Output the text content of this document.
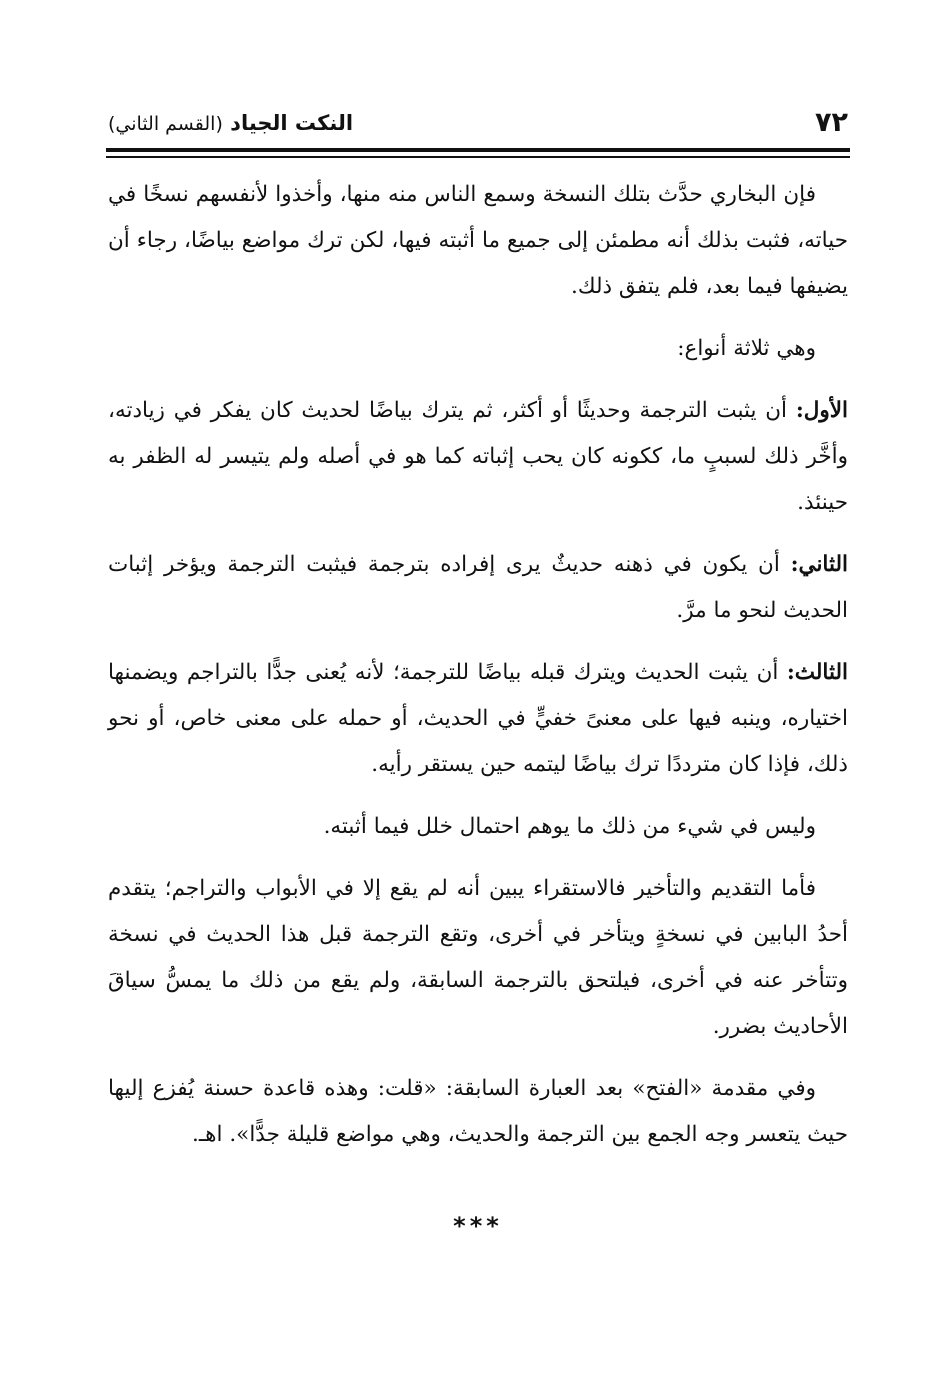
٧٢
النكت الجياد (القسم الثاني)

فإن البخاري حدَّث بتلك النسخة وسمع الناس منه منها، وأخذوا لأنفسهم نسخًا في حياته، فثبت بذلك أنه مطمئن إلى جميع ما أثبته فيها، لكن ترك مواضع بياضًا، رجاء أن يضيفها فيما بعد، فلم يتفق ذلك.

وهي ثلاثة أنواع:

الأول: أن يثبت الترجمة وحديثًا أو أكثر، ثم يترك بياضًا لحديث كان يفكر في زيادته، وأخَّر ذلك لسببٍ ما، ككونه كان يحب إثباته كما هو في أصله ولم يتيسر له الظفر به حينئذ.

الثاني: أن يكون في ذهنه حديثٌ يرى إفراده بترجمة فيثبت الترجمة ويؤخر إثبات الحديث لنحو ما مرَّ.

الثالث: أن يثبت الحديث ويترك قبله بياضًا للترجمة؛ لأنه يُعنى جدًّا بالتراجم ويضمنها اختياره، وينبه فيها على معنىً خفيٍّ في الحديث، أو حمله على معنى خاص، أو نحو ذلك، فإذا كان مترددًا ترك بياضًا ليتمه حين يستقر رأيه.

وليس في شيء من ذلك ما يوهم احتمال خلل فيما أثبته.

فأما التقديم والتأخير فالاستقراء يبين أنه لم يقع إلا في الأبواب والتراجم؛ يتقدم أحدُ البابين في نسخةٍ ويتأخر في أخرى، وتقع الترجمة قبل هذا الحديث في نسخة وتتأخر عنه في أخرى، فيلتحق بالترجمة السابقة، ولم يقع من ذلك ما يمسُّ سياقَ الأحاديث بضرر.

وفي مقدمة «الفتح» بعد العبارة السابقة: «قلت: وهذه قاعدة حسنة يُفزع إليها حيث يتعسر وجه الجمع بين الترجمة والحديث، وهي مواضع قليلة جدًّا». اهـ.

***
